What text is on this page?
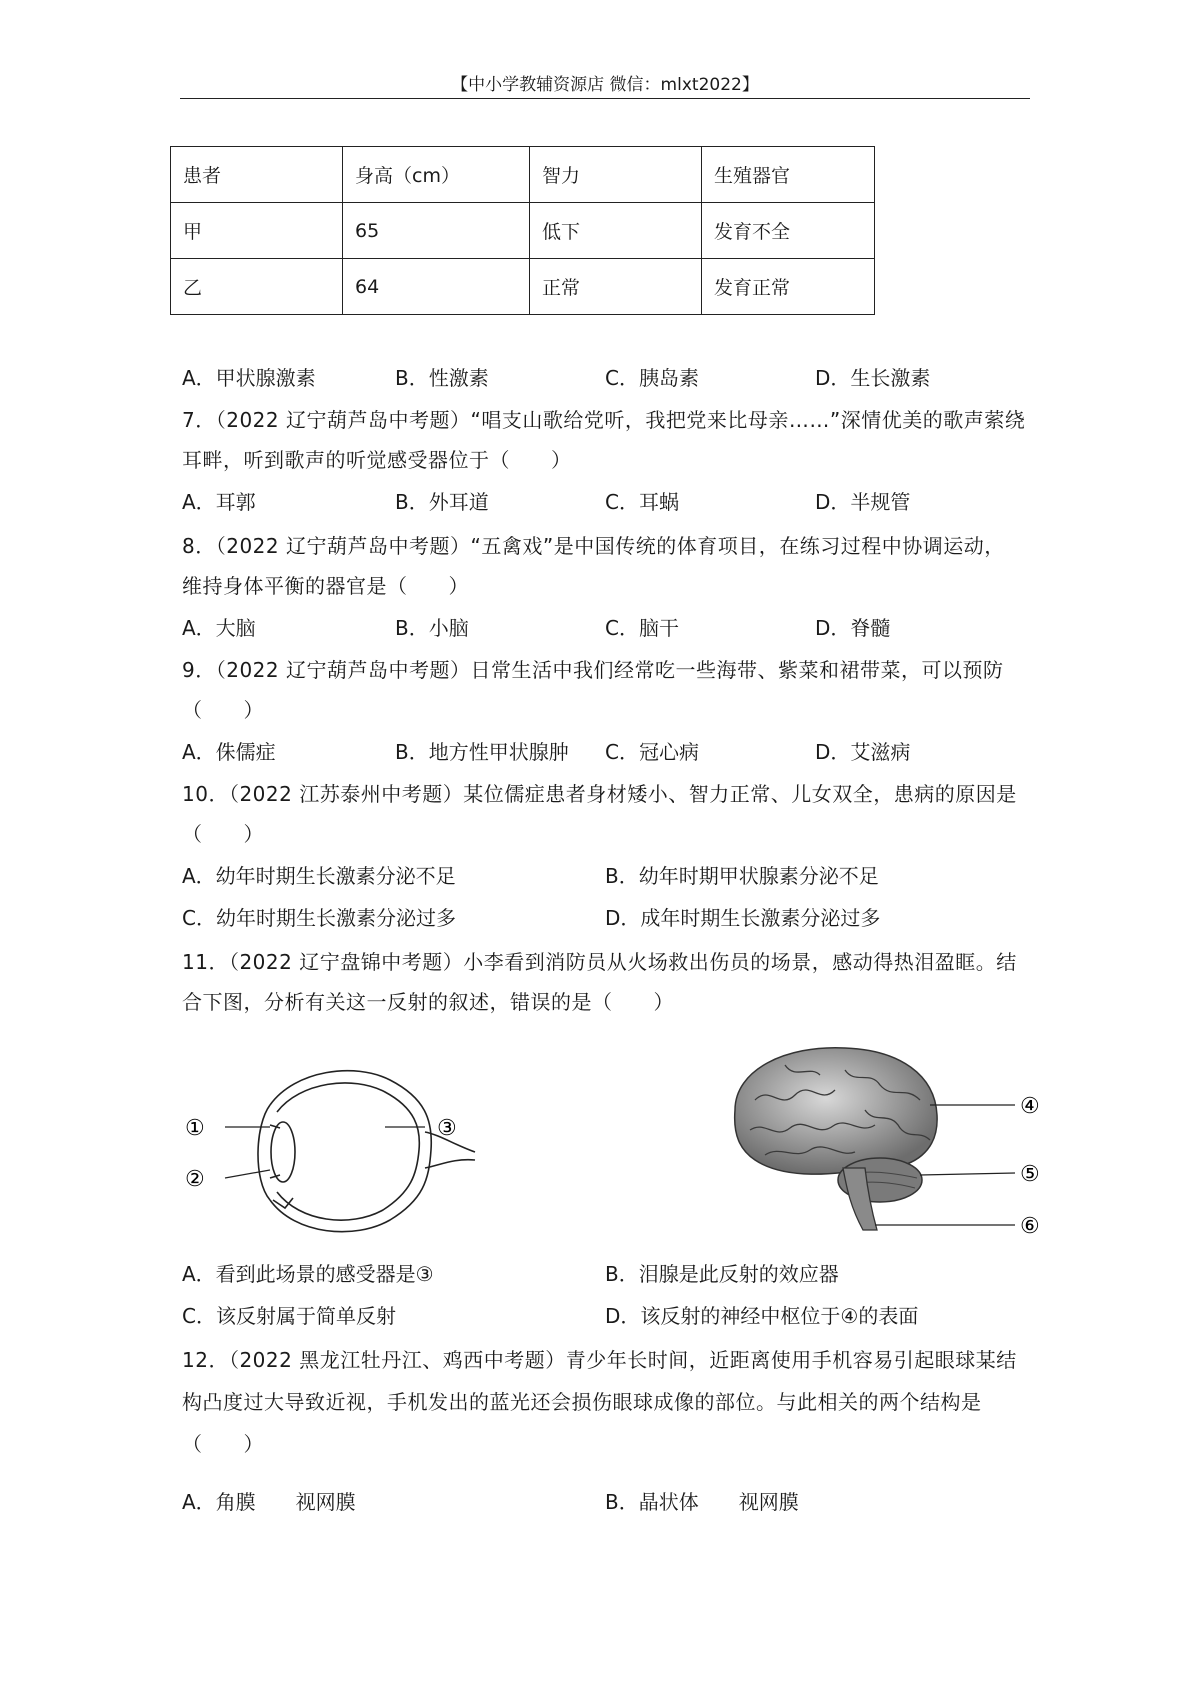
【中小学教辅资源店 微信：mlxt2022】
患者	身高（cm）	智力	生殖器官
甲	65	低下	发育不全
乙	64	正常	发育正常
A．甲状腺激素	B．性激素	C．胰岛素	D．生长激素
7．（2022 辽宁葫芦岛中考题）“唱支山歌给党听，我把党来比母亲……”深情优美的歌声萦绕
耳畔，听到歌声的听觉感受器位于（　　）
A．耳郭	B．外耳道	C．耳蜗	D．半规管
8．（2022 辽宁葫芦岛中考题）“五禽戏”是中国传统的体育项目，在练习过程中协调运动，
维持身体平衡的器官是（　　）
A．大脑	B．小脑	C．脑干	D．脊髓
9．（2022 辽宁葫芦岛中考题）日常生活中我们经常吃一些海带、紫菜和裙带菜，可以预防
（　　）
A．侏儒症	B．地方性甲状腺肿 C．冠心病	D．艾滋病
10．（2022 江苏泰州中考题）某位儒症患者身材矮小、智力正常、儿女双全，患病的原因是
（　　）
A．幼年时期生长激素分泌不足	B．幼年时期甲状腺素分泌不足
C．幼年时期生长激素分泌过多	D．成年时期生长激素分泌过多
11．（2022 辽宁盘锦中考题）小李看到消防员从火场救出伤员的场景，感动得热泪盈眶。结
合下图，分析有关这一反射的叙述，错误的是（　　）
①
②
③
④
⑤
⑥
A．看到此场景的感受器是③	B．泪腺是此反射的效应器
C．该反射属于简单反射	D．该反射的神经中枢位于④的表面
12．（2022 黑龙江牡丹江、鸡西中考题）青少年长时间，近距离使用手机容易引起眼球某结
构凸度过大导致近视，手机发出的蓝光还会损伤眼球成像的部位。与此相关的两个结构是
（　　）
A．角膜　　视网膜	B．晶状体　　视网膜
